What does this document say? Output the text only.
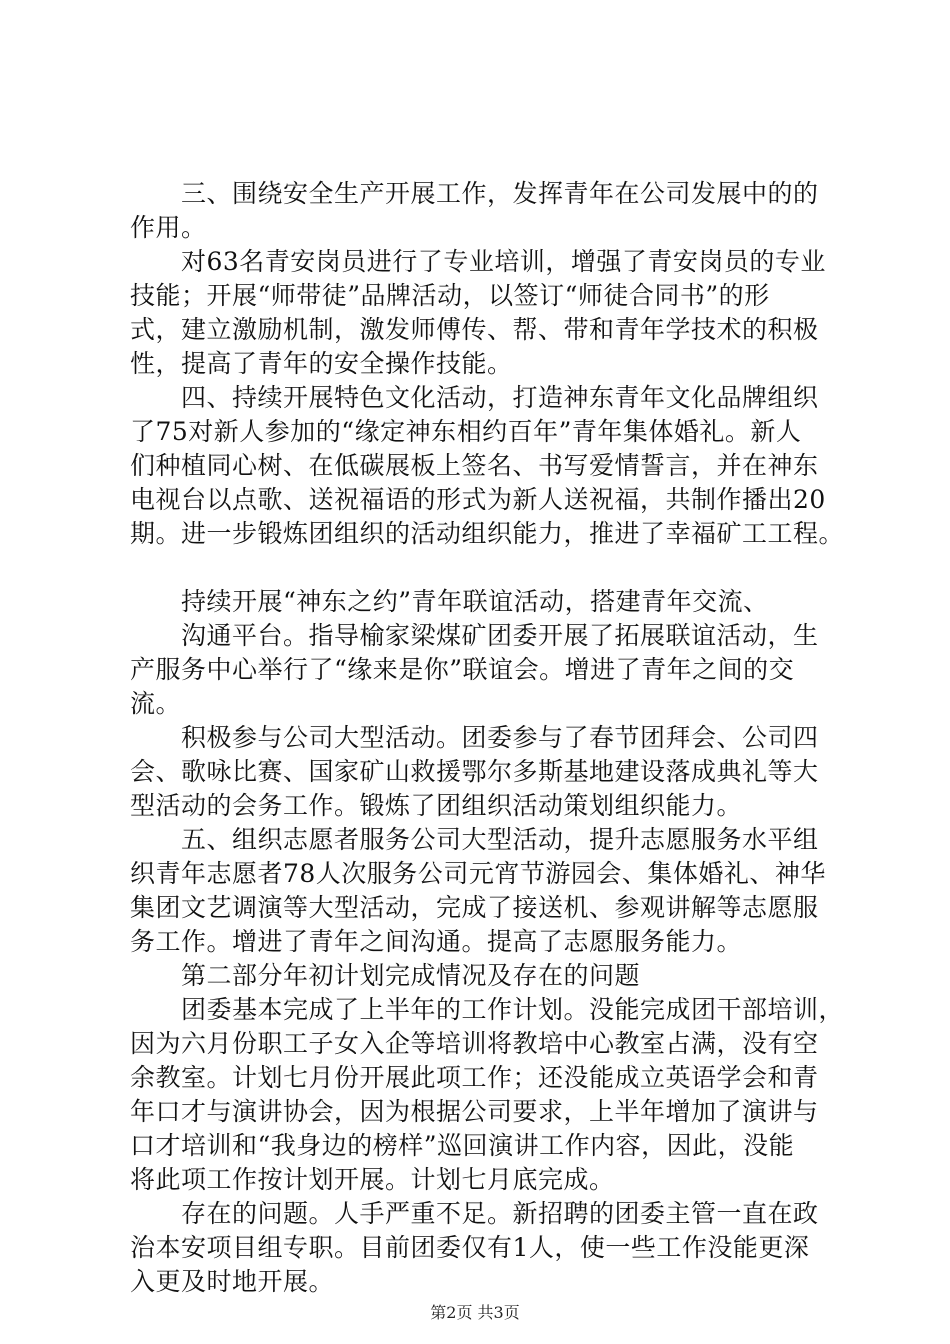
　　三、围绕安全生产开展工作，发挥青年在公司发展中的的
作用。
　　对63名青安岗员进行了专业培训，增强了青安岗员的专业
技能；开展“师带徒”品牌活动，以签订“师徒合同书”的形
式，建立激励机制，激发师傅传、帮、带和青年学技术的积极
性，提高了青年的安全操作技能。
　　四、持续开展特色文化活动，打造神东青年文化品牌组织
了75对新人参加的“缘定神东相约百年”青年集体婚礼。新人
们种植同心树、在低碳展板上签名、书写爱情誓言，并在神东
电视台以点歌、送祝福语的形式为新人送祝福，共制作播出20
期。进一步锻炼团组织的活动组织能力，推进了幸福矿工工程。
　　持续开展“神东之约”青年联谊活动，搭建青年交流、
　　沟通平台。指导榆家梁煤矿团委开展了拓展联谊活动，生
产服务中心举行了“缘来是你”联谊会。增进了青年之间的交
流。
　　积极参与公司大型活动。团委参与了春节团拜会、公司四
会、歌咏比赛、国家矿山救援鄂尔多斯基地建设落成典礼等大
型活动的会务工作。锻炼了团组织活动策划组织能力。
　　五、组织志愿者服务公司大型活动，提升志愿服务水平组
织青年志愿者78人次服务公司元宵节游园会、集体婚礼、神华
集团文艺调演等大型活动，完成了接送机、参观讲解等志愿服
务工作。增进了青年之间沟通。提高了志愿服务能力。
　　第二部分年初计划完成情况及存在的问题
　　团委基本完成了上半年的工作计划。没能完成团干部培训，
因为六月份职工子女入企等培训将教培中心教室占满，没有空
余教室。计划七月份开展此项工作；还没能成立英语学会和青
年口才与演讲协会，因为根据公司要求，上半年增加了演讲与
口才培训和“我身边的榜样”巡回演讲工作内容，因此，没能
将此项工作按计划开展。计划七月底完成。
　　存在的问题。人手严重不足。新招聘的团委主管一直在政
治本安项目组专职。目前团委仅有1人，使一些工作没能更深
入更及时地开展。
第2页 共3页
